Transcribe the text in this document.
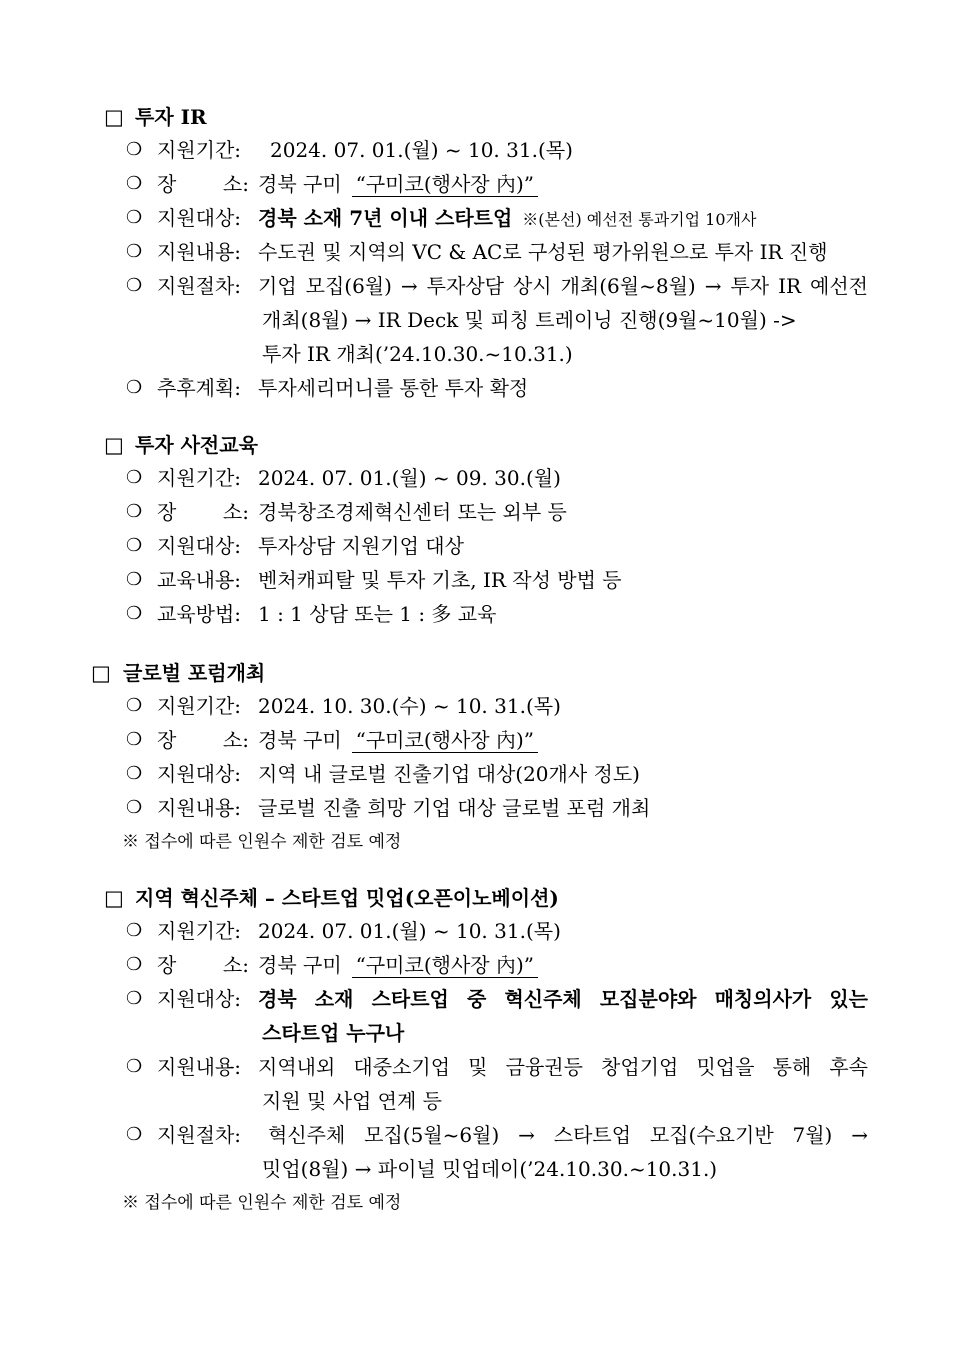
□ 투자 IR
❍ 지원기간:	2024. 07. 01.(월) ~ 10. 31.(목)
❍ 장 소: 경북 구미 “구미코(행사장 內)”
❍ 지원대상: 경북 소재 7년 이내 스타트업 ※(본선) 예선전 통과기업 10개사
❍ 지원내용: 수도권 및 지역의 VC & AC로 구성된 평가위원으로 투자 IR 진행
❍ 지원절차: 기업 모집(6월) → 투자상담 상시 개최(6월~8월) → 투자 IR 예선전
개최(8월) → IR Deck 및 피칭 트레이닝 진행(9월~10월) ->
투자 IR 개최(’24.10.30.~10.31.)
❍ 추후계획: 투자세리머니를 통한 투자 확정
□ 투자 사전교육
❍ 지원기간: 2024. 07. 01.(월) ~ 09. 30.(월)
❍ 장 소: 경북창조경제혁신센터 또는 외부 등
❍ 지원대상: 투자상담 지원기업 대상
❍ 교육내용: 벤처캐피탈 및 투자 기초, IR 작성 방법 등
❍ 교육방법: 1 : 1 상담 또는 1 : 多 교육
□ 글로벌 포럼개최
❍ 지원기간: 2024. 10. 30.(수) ~ 10. 31.(목)
❍ 장 소: 경북 구미 “구미코(행사장 內)”
❍ 지원대상: 지역 내 글로벌 진출기업 대상(20개사 정도)
❍ 지원내용: 글로벌 진출 희망 기업 대상 글로벌 포럼 개최
※ 접수에 따른 인원수 제한 검토 예정
□ 지역 혁신주체 – 스타트업 밋업(오픈이노베이션)
❍ 지원기간: 2024. 07. 01.(월) ~ 10. 31.(목)
❍ 장 소: 경북 구미 “구미코(행사장 內)”
❍ 지원대상: 경북 소재 스타트업 중 혁신주체 모집분야와 매칭의사가 있는
스타트업 누구나
❍ 지원내용: 지역내외 대중소기업 및 금융권등 창업기업 밋업을 통해 후속
지원 및 사업 연계 등
❍ 지원절차:	혁신주체 모집(5월~6월) → 스타트업 모집(수요기반 7월) →
밋업(8월) → 파이널 밋업데이(’24.10.30.~10.31.)
※ 접수에 따른 인원수 제한 검토 예정
